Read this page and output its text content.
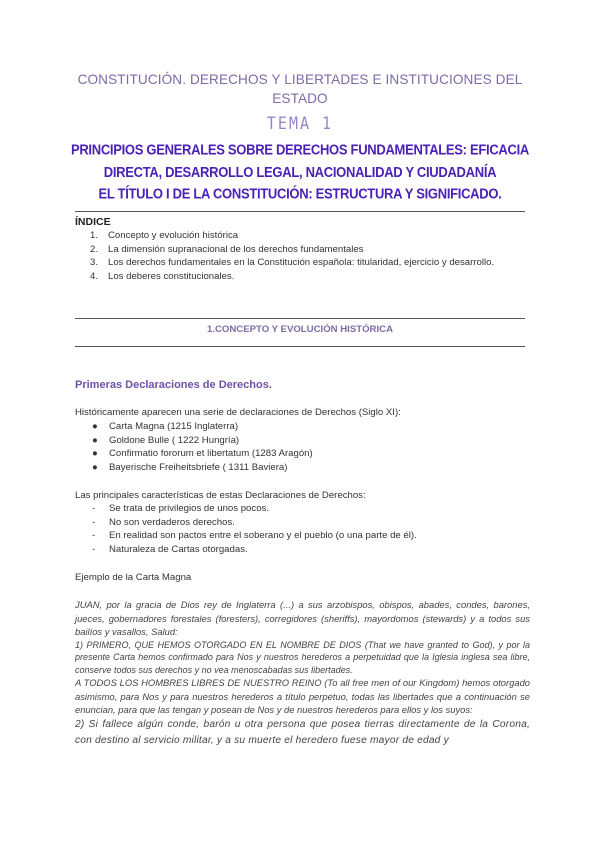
CONSTITUCIÓN. DERECHOS Y LIBERTADES E INSTITUCIONES DEL ESTADO
TEMA 1
PRINCIPIOS GENERALES SOBRE DERECHOS FUNDAMENTALES: EFICACIA
DIRECTA, DESARROLLO LEGAL, NACIONALIDAD Y CIUDADANÍA
EL TÍTULO I DE LA CONSTITUCIÓN: ESTRUCTURA Y SIGNIFICADO.
ÍNDICE
1. Concepto y evolución histórica
2. La dimensión supranacional de los derechos fundamentales
3. Los derechos fundamentales en la Constitución española: titularidad, ejercicio y desarrollo.
4. Los deberes constitucionales.
1.CONCEPTO Y EVOLUCIÓN HISTÓRICA
Primeras Declaraciones de Derechos.
Históricamente aparecen una serie de declaraciones de Derechos (Siglo XI):
● Carta Magna (1215 Inglaterra)
● Goldone Bulle ( 1222 Hungría)
● Confirmatio fororum et libertatum (1283 Aragón)
● Bayerische Freiheitsbriefe ( 1311 Baviera)
Las principales características de estas Declaraciones de Derechos:
- Se trata de privilegios de unos pocos.
- No son verdaderos derechos.
- En realidad son pactos entre el soberano y el pueblo (o una parte de él).
- Naturaleza de Cartas otorgadas.
Ejemplo de la Carta Magna

JUAN, por la gracia de Dios rey de Inglaterra (...) a sus arzobispos, obispos, abades, condes, barones, jueces, gobernadores forestales (foresters), corregidores (sheriffs), mayordomos (stewards) y a todos sus bailíos y vasallos, Salud:

1) PRIMERO, QUE HEMOS OTORGADO EN EL NOMBRE DE DIOS (That we have granted to God), y por la presente Carta hemos confirmado para Nos y nuestros herederos a perpetuidad que la Iglesia inglesa sea libre, conserve todos sus derechos y no vea menoscabadas sus libertades.

A TODOS LOS HOMBRES LIBRES DE NUESTRO REINO (To all free men of our Kingdom) hemos otorgado asimismo, para Nos y para nuestros herederos a título perpetuo, todas las libertades que a continuación se enuncian, para que las tengan y posean de Nos y de nuestros herederos para ellos y los suyos:

2) Si fallece algún conde, barón u otra persona que posea tierras directamente de la Corona, con destino al servicio militar, y a su muerte el heredero fuese mayor de edad y
